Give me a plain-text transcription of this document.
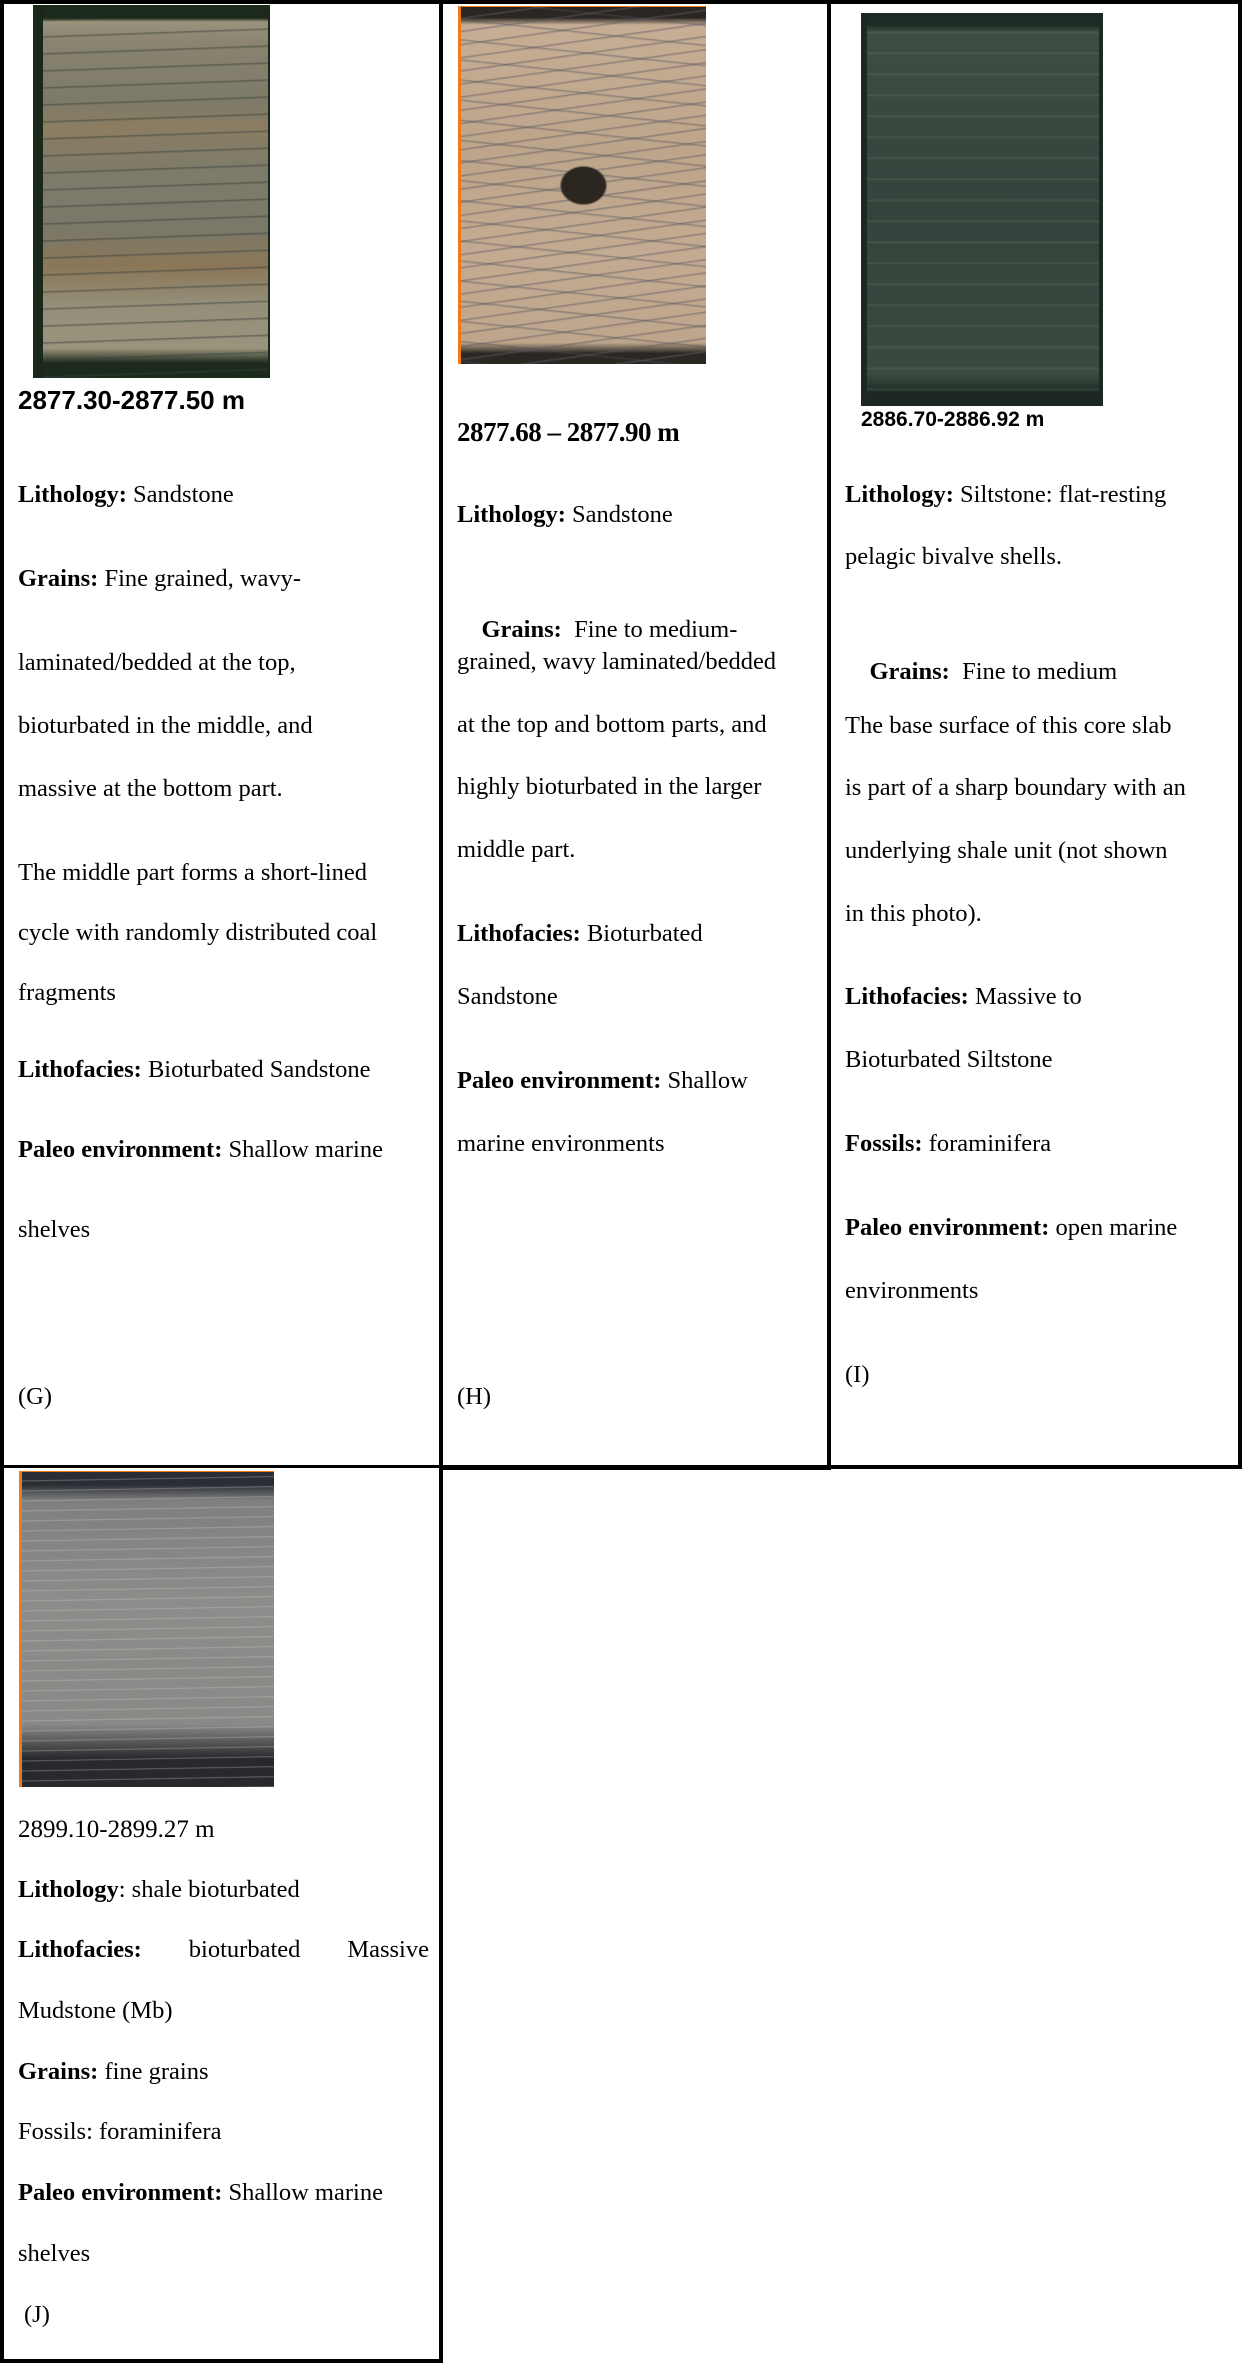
2877.30-2877.50 m
Lithology: Sandstone
Grains: Fine grained, wavy-
laminated/bedded at the top,
bioturbated in the middle, and
massive at the bottom part.
The middle part forms a short-lined
cycle with randomly distributed coal
fragments
Lithofacies: Bioturbated Sandstone
Paleo environment: Shallow marine
shelves
(G)
2877.68 – 2877.90 m
Lithology: Sandstone

Grains:  Fine to medium-

grained, wavy laminated/bedded
at the top and bottom parts, and
highly bioturbated in the larger
middle part.
Lithofacies: Bioturbated
Sandstone
Paleo environment: Shallow
marine environments
(H)
2886.70-2886.92 m
Lithology: Siltstone: flat-resting
pelagic bivalve shells.

Grains:  Fine to medium

The base surface of this core slab
is part of a sharp boundary with an
underlying shale unit (not shown
in this photo).
Lithofacies: Massive to
Bioturbated Siltstone
Fossils: foraminifera
Paleo environment: open marine
environments
(I)
2899.10-2899.27 m
Lithology: shale bioturbated
Lithofacies: bioturbated Massive
Mudstone (Mb)
Grains: fine grains
Fossils: foraminifera
Paleo environment: Shallow marine
shelves
(J)
